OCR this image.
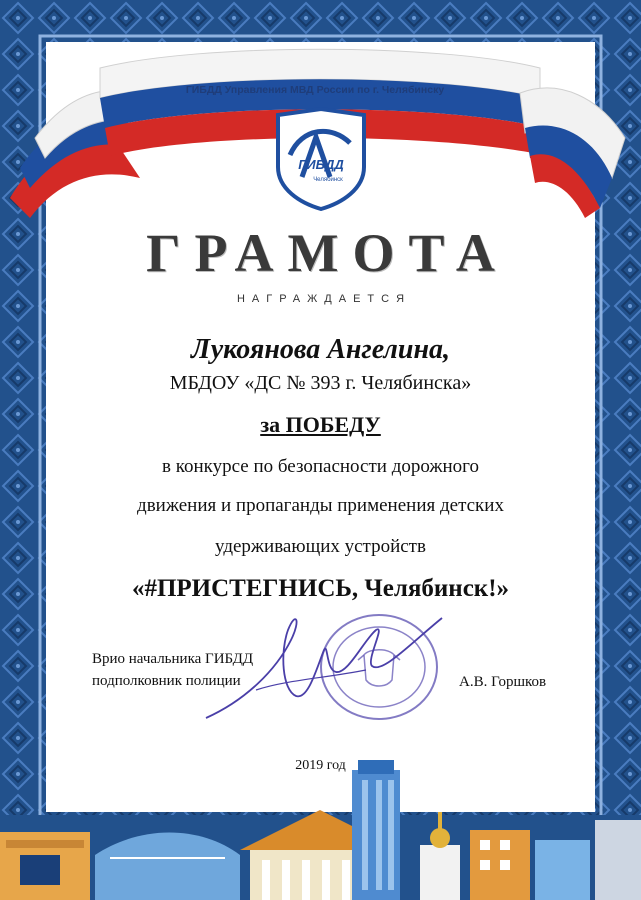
ГИБДД Управления МВД России по г. Челябинску
ГИБДД
Челябинск
ГРАМОТА
НАГРАЖДАЕТСЯ
Лукоянова Ангелина,
МБДОУ «ДС № 393 г. Челябинска»
за ПОБЕДУ
в конкурсе по безопасности дорожного
движения и пропаганды применения детских
удерживающих устройств
«#ПРИСТЕГНИСЬ, Челябинск!»
Врио начальника ГИБДД
подполковник полиции	А.В. Горшков
2019 год
